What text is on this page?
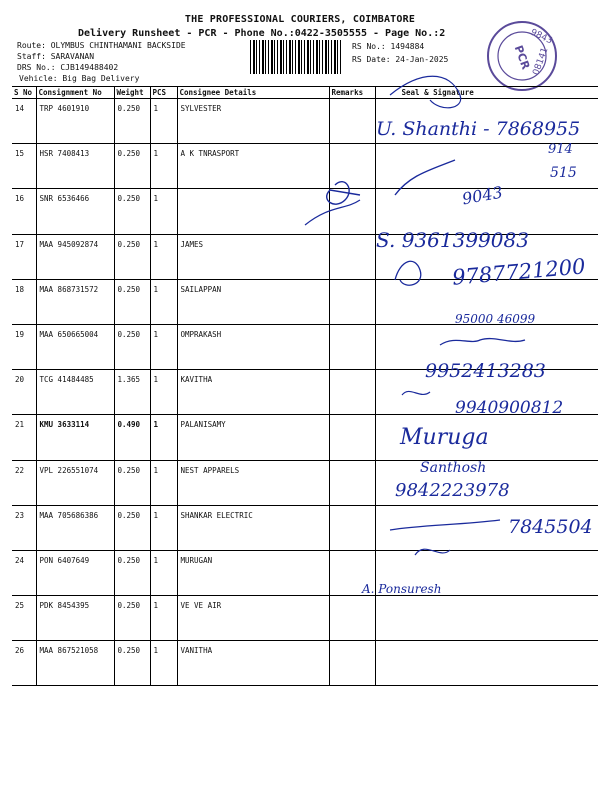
THE PROFESSIONAL COURIERS, COIMBATORE
Delivery Runsheet - PCR - Phone No.:0422-3505555 - Page No.:2
Route: OLYMBUS CHINTHAMANI BACKSIDE
Staff: SARAVANAN
DRS No.: CJB149488402
Vehicle: Big Bag Delivery
RS No.: 1494884
RS Date: 24-Jan-2025
9843
PCR 08141
S No	Consignment No	Weight	PCS	Consignee Details	Remarks	Seal & Signature
14	TRP 4601910	0.250	1	SYLVESTER		
15	HSR 7408413	0.250	1	A K TNRASPORT		
16	SNR 6536466	0.250	1			
17	MAA 945092874	0.250	1	JAMES		
18	MAA 868731572	0.250	1	SAILAPPAN		
19	MAA 650665004	0.250	1	OMPRAKASH		
20	TCG 41484485	1.365	1	KAVITHA		
21	KMU 3633114	0.490	1	PALANISAMY		
22	VPL 226551074	0.250	1	NEST APPARELS		
23	MAA 705686386	0.250	1	SHANKAR ELECTRIC		
24	PON 6407649	0.250	1	MURUGAN		
25	PDK 8454395	0.250	1	VE VE AIR		
26	MAA 867521058	0.250	1	VANITHA		
U. Shanthi - 7868955
914
9043
515
S. 9361399083
9787721200
95000 46099
9952413283
9940900812
Muruga
Santhosh
9842223978
7845504
A. Ponsuresh
